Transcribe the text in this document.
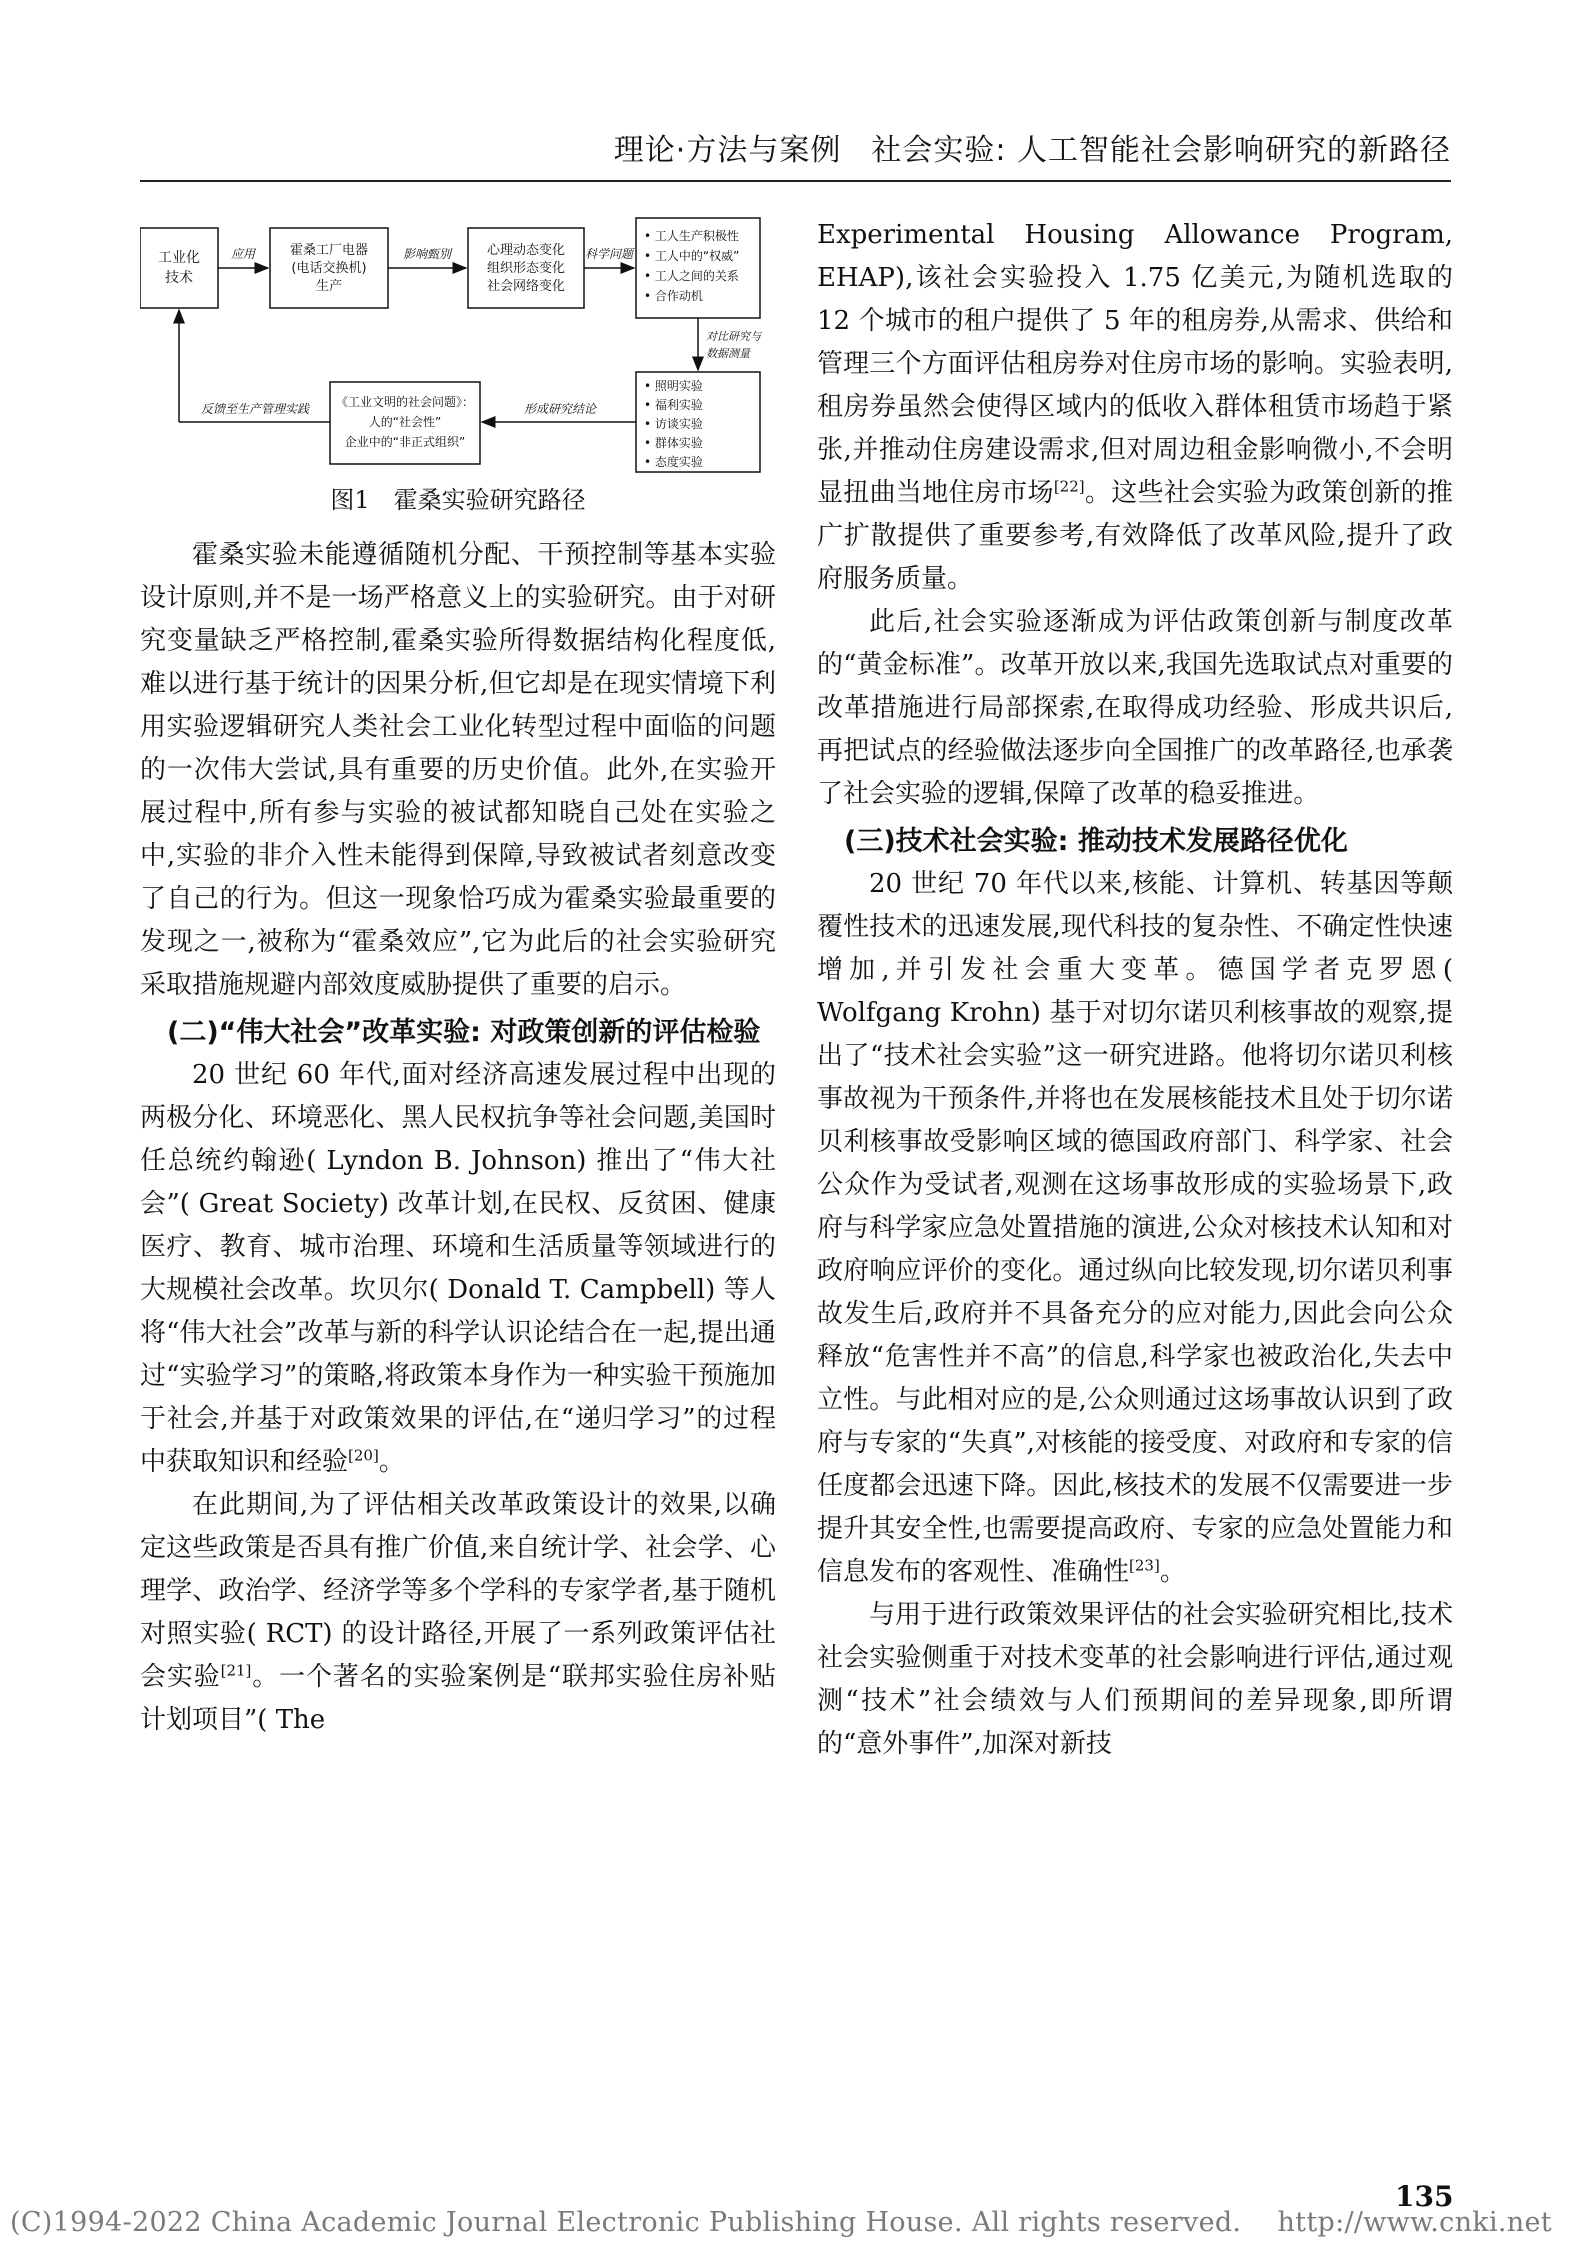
理论·方法与案例 社会实验: 人工智能社会影响研究的新路径
工业化
技术
应用	霍桑工厂电器
(电话交换机)
生产
影响甄别	心理动态变化
组织形态变化
社会网络变化
科学问题
• 工人生产积极性
• 工人中的“权威”
• 工人之间的关系
• 合作动机
对比研究与
数据测量
• 照明实验
• 福利实验
• 访谈实验
• 群体实验
• 态度实验
形成研究结论
《工业文明的社会问题》：
人的“社会性”
企业中的“非正式组织”
反馈至生产管理实践
图1　霍桑实验研究路径

霍桑实验未能遵循随机分配、干预控制等基本实验设计原则,并不是一场严格意义上的实验研究。由于对研究变量缺乏严格控制,霍桑实验所得数据结构化程度低,难以进行基于统计的因果分析,但它却是在现实情境下利用实验逻辑研究人类社会工业化转型过程中面临的问题的一次伟大尝试,具有重要的历史价值。此外,在实验开展过程中,所有参与实验的被试都知晓自己处在实验之中,实验的非介入性未能得到保障,导致被试者刻意改变了自己的行为。但这一现象恰巧成为霍桑实验最重要的发现之一,被称为“霍桑效应”,它为此后的社会实验研究采取措施规避内部效度威胁提供了重要的启示。

(二)“伟大社会”改革实验: 对政策创新的评估检验

20 世纪 60 年代,面对经济高速发展过程中出现的两极分化、环境恶化、黑人民权抗争等社会问题,美国时任总统约翰逊( Lyndon B. Johnson) 推出了“伟大社会”( Great Society) 改革计划,在民权、反贫困、健康医疗、教育、城市治理、环境和生活质量等领域进行的大规模社会改革。坎贝尔( Donald T. Campbell) 等人将“伟大社会”改革与新的科学认识论结合在一起,提出通过“实验学习”的策略,将政策本身作为一种实验干预施加于社会,并基于对政策效果的评估,在“递归学习”的过程中获取知识和经验[20]。

在此期间,为了评估相关改革政策设计的效果,以确定这些政策是否具有推广价值,来自统计学、社会学、心理学、政治学、经济学等多个学科的专家学者,基于随机对照实验( RCT) 的设计路径,开展了一系列政策评估社会实验[21]。一个著名的实验案例是“联邦实验住房补贴计划项目”( The

Experimental Housing Allowance Program, EHAP),该社会实验投入 1.75 亿美元,为随机选取的 12 个城市的租户提供了 5 年的租房券,从需求、供给和管理三个方面评估租房券对住房市场的影响。实验表明,租房券虽然会使得区域内的低收入群体租赁市场趋于紧张,并推动住房建设需求,但对周边租金影响微小,不会明显扭曲当地住房市场[22]。这些社会实验为政策创新的推广扩散提供了重要参考,有效降低了改革风险,提升了政府服务质量。

此后,社会实验逐渐成为评估政策创新与制度改革的“黄金标准”。改革开放以来,我国先选取试点对重要的改革措施进行局部探索,在取得成功经验、形成共识后,再把试点的经验做法逐步向全国推广的改革路径,也承袭了社会实验的逻辑,保障了改革的稳妥推进。

(三)技术社会实验: 推动技术发展路径优化

20 世纪 70 年代以来,核能、计算机、转基因等颠覆性技术的迅速发展,现代科技的复杂性、不确定性快速增加,并引发社会重大变革。德国学者克罗恩( Wolfgang Krohn) 基于对切尔诺贝利核事故的观察,提出了“技术社会实验”这一研究进路。他将切尔诺贝利核事故视为干预条件,并将也在发展核能技术且处于切尔诺贝利核事故受影响区域的德国政府部门、科学家、社会公众作为受试者,观测在这场事故形成的实验场景下,政府与科学家应急处置措施的演进,公众对核技术认知和对政府响应评价的变化。通过纵向比较发现,切尔诺贝利事故发生后,政府并不具备充分的应对能力,因此会向公众释放“危害性并不高”的信息,科学家也被政治化,失去中立性。与此相对应的是,公众则通过这场事故认识到了政府与专家的“失真”,对核能的接受度、对政府和专家的信任度都会迅速下降。因此,核技术的发展不仅需要进一步提升其安全性,也需要提高政府、专家的应急处置能力和信息发布的客观性、准确性[23]。

与用于进行政策效果评估的社会实验研究相比,技术社会实验侧重于对技术变革的社会影响进行评估,通过观测“技术”社会绩效与人们预期间的差异现象,即所谓的“意外事件”,加深对新技

135
(C)1994-2022 China Academic Journal Electronic Publishing House. All rights reserved.　 http://www.cnki.net
